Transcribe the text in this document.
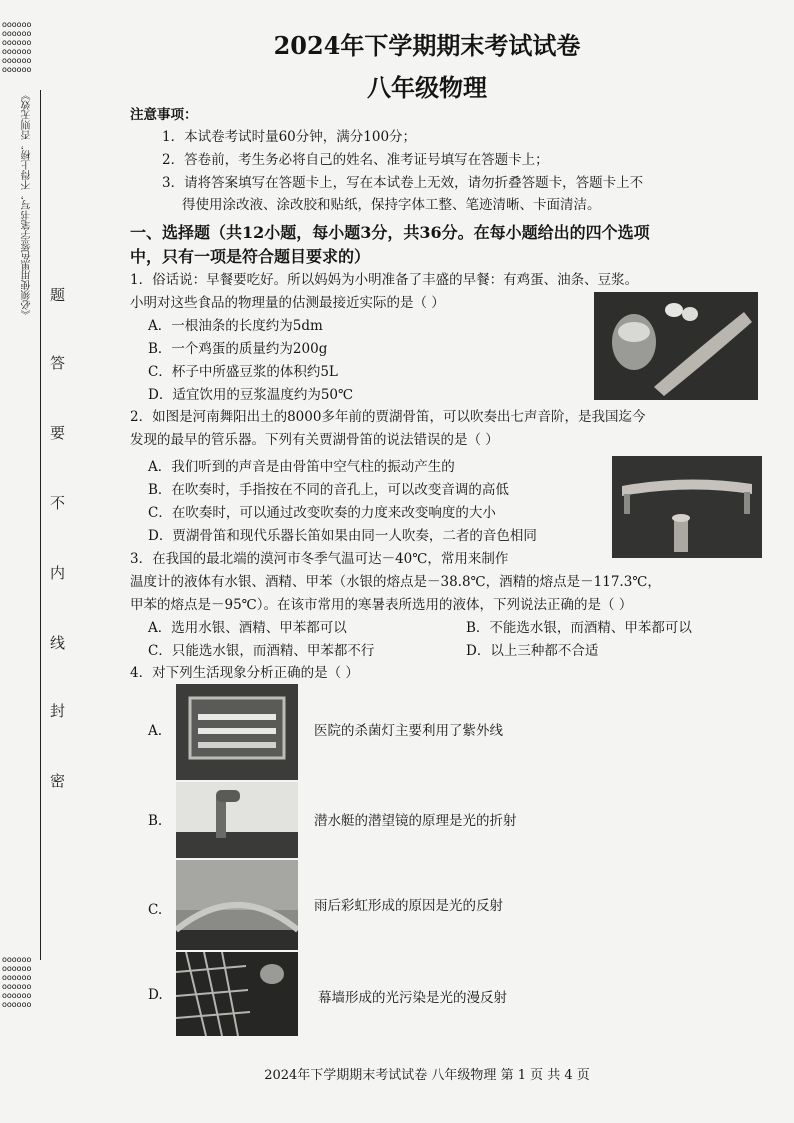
oooooooooooooooooooooooooooooooooooo
《必须使用黑色签字笔书写，不得上榜，否则无效》
密
封
线
内
不
要
答
题
oooooooooooooooooooooooooooooooooooo
2024年下学期期末考试试卷
八年级物理
注意事项：
1．本试卷考试时量60分钟，满分100分；
2．答卷前，考生务必将自己的姓名、准考证号填写在答题卡上；
3．请将答案填写在答题卡上，写在本试卷上无效，请勿折叠答题卡，答题卡上不
得使用涂改液、涂改胶和贴纸，保持字体工整、笔迹清晰、卡面清洁。
一、选择题（共12小题，每小题3分，共36分。在每小题给出的四个选项
中，只有一项是符合题目要求的）
1．俗话说：早餐要吃好。所以妈妈为小明准备了丰盛的早餐：有鸡蛋、油条、豆浆。
小明对这些食品的物理量的估测最接近实际的是（ ）
A．一根油条的长度约为5dm
B．一个鸡蛋的质量约为200g
C．杯子中所盛豆浆的体积约5L
D．适宜饮用的豆浆温度约为50℃
2．如图是河南舞阳出土的8000多年前的贾湖骨笛，可以吹奏出七声音阶，是我国迄今
发现的最早的管乐器。下列有关贾湖骨笛的说法错误的是（ ）
A．我们听到的声音是由骨笛中空气柱的振动产生的
B．在吹奏时，手指按在不同的音孔上，可以改变音调的高低
C．在吹奏时，可以通过改变吹奏的力度来改变响度的大小
D．贾湖骨笛和现代乐器长笛如果由同一人吹奏，二者的音色相同
3．在我国的最北端的漠河市冬季气温可达－40℃，常用来制作
温度计的液体有水银、酒精、甲苯（水银的熔点是－38.8℃，酒精的熔点是－117.3℃，
甲苯的熔点是－95℃）。在该市常用的寒暑表所选用的液体，下列说法正确的是（ ）
A．选用水银、酒精、甲苯都可以	B．不能选水银，而酒精、甲苯都可以
C．只能选水银，而酒精、甲苯都不行	D．以上三种都不合适
4．对下列生活现象分析正确的是（ ）
A.	医院的杀菌灯主要利用了紫外线
B.	潜水艇的潜望镜的原理是光的折射
C.	雨后彩虹形成的原因是光的反射
D.	幕墙形成的光污染是光的漫反射
2024年下学期期末考试试卷 八年级物理 第 1 页 共 4 页
